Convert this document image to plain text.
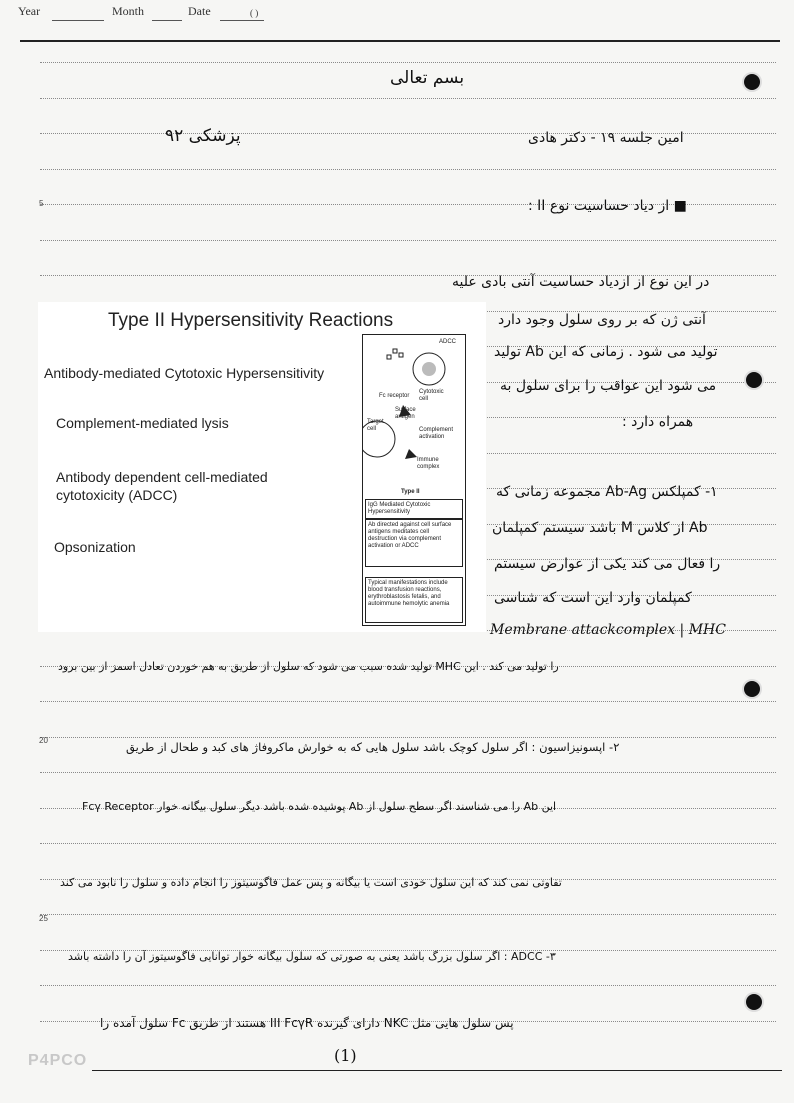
Year	Month	Date	( )
5
20
25
بسم تعالی
پزشکی ۹۲	امین جلسه ۱۹ - دکتر هادی
■ از دیاد حساسیت نوع II :
در این نوع از ازدیاد حساسیت آنتی بادی علیه
آنتی ژن که بر روی سلول وجود دارد
تولید می شود . زمانی که این Ab تولید
می شود این عواقب را برای سلول به
همراه دارد :
۱- کمپلکس Ab-Ag مجموعه زمانی که
Ab از کلاس M باشد سیستم کمپلمان
را فعال می کند یکی از عوارض سیستم
کمپلمان وارد این است که شناسی
Membrane attackcomplex | MHC
را تولید می کند . این MHC تولید شده سبب می شود که سلول از طریق به هم خوردن تعادل اسمز از بین برود
۲- اپسونیزاسیون : اگر سلول کوچک باشد سلول هایی که به خوارش ماکروفاژ های کبد و طحال از طریق
این Ab را می شناسند اگر سطح سلول از Ab پوشیده شده باشد دیگر سلول بیگانه خوار Fcγ Receptor
تفاوتی نمی کند که این سلول خودی است یا بیگانه و پس عمل فاگوسیتوز را انجام داده و سلول را نابود می کند
۳- ADCC : اگر سلول بزرگ باشد یعنی به صورتی که سلول بیگانه خوار توانایی فاگوسیتوز آن را داشته باشد
پس سلول هایی مثل NKC دارای گیرنده III FcγR هستند از طریق Fc سلول آمده را
Type II Hypersensitivity Reactions
Antibody-mediated Cytotoxic Hypersensitivity
Complement-mediated lysis
Antibody dependent cell-mediated cytotoxicity (ADCC)
Opsonization
ADCC
Fc receptor
Cytotoxic cell
Surface antigen
Target cell	Complement activation
Immune complex
Type II
IgG Mediated Cytotoxic Hypersensitivity
Ab directed against cell surface antigens meditates cell destruction via complement activation or ADCC
Typical manifestations include blood transfusion reactions, erythroblastosis fetalis, and autoimmune hemolytic anemia
P4PCO	(1)
